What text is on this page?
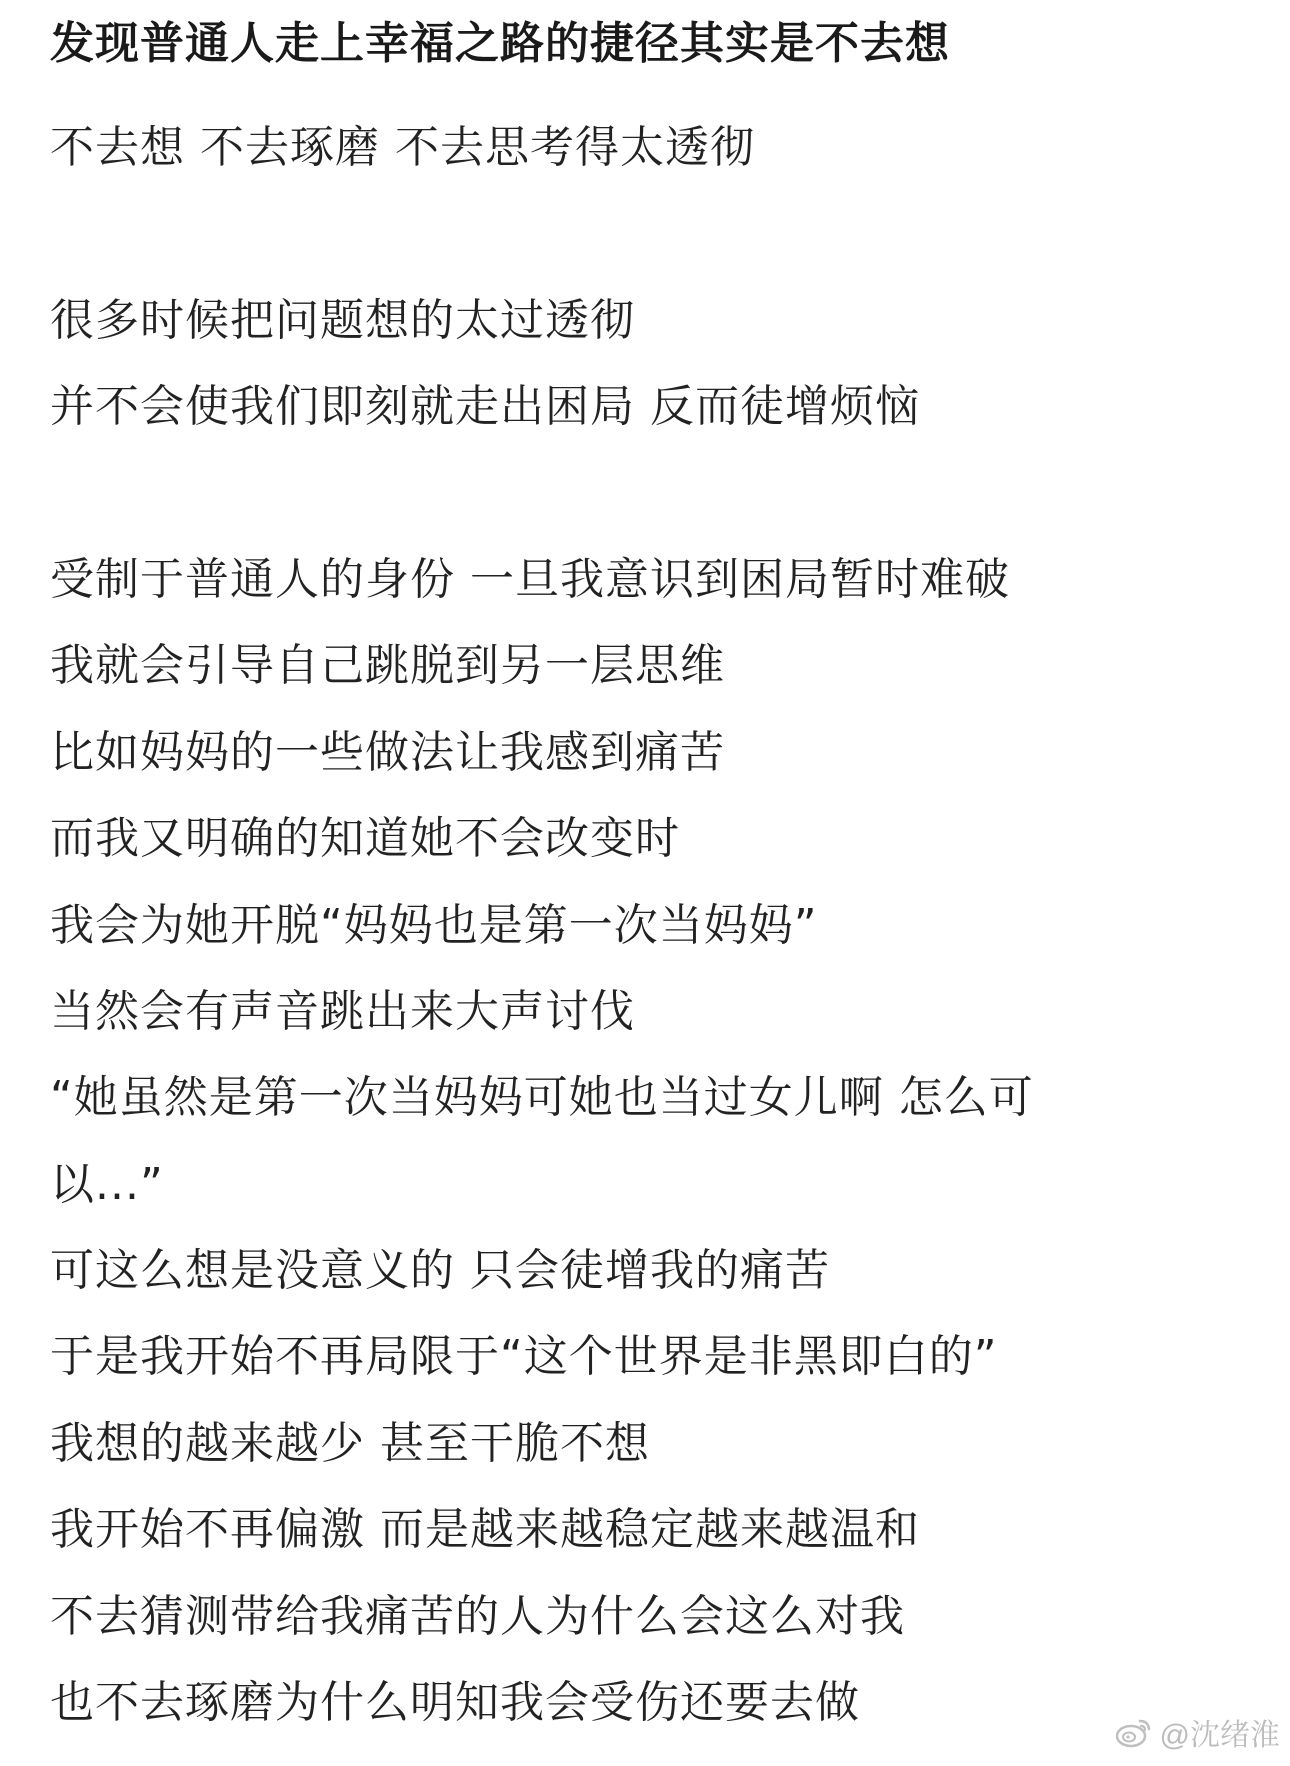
发现普通人走上幸福之路的捷径其实是不去想
不去想 不去琢磨 不去思考得太透彻
很多时候把问题想的太过透彻
并不会使我们即刻就走出困局 反而徒增烦恼
受制于普通人的身份 一旦我意识到困局暂时难破
我就会引导自己跳脱到另一层思维
比如妈妈的一些做法让我感到痛苦
而我又明确的知道她不会改变时
我会为她开脱“妈妈也是第一次当妈妈”
当然会有声音跳出来大声讨伐
“她虽然是第一次当妈妈可她也当过女儿啊 怎么可
以...”
可这么想是没意义的 只会徒增我的痛苦
于是我开始不再局限于“这个世界是非黑即白的”
我想的越来越少 甚至干脆不想
我开始不再偏激 而是越来越稳定越来越温和
不去猜测带给我痛苦的人为什么会这么对我
也不去琢磨为什么明知我会受伤还要去做
@沈绪淮
